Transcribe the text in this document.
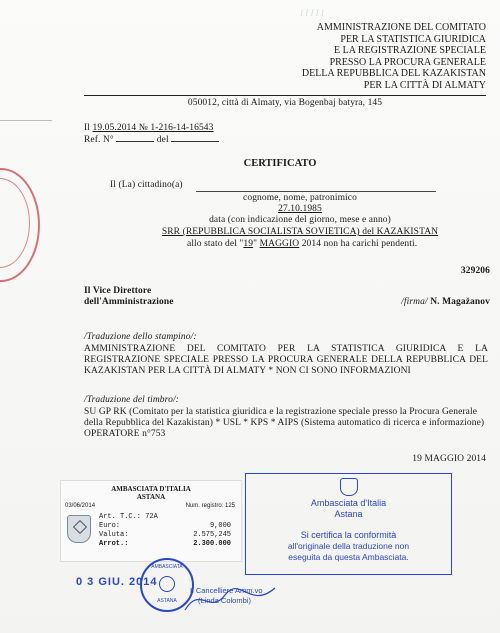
Ӏ Ӏ Ӏ Ӏ Ӏ
AMMINISTRAZIONE DEL COMITATO
PER LA STATISTICA GIURIDICA
E LA REGISTRAZIONE SPECIALE
PRESSO LA PROCURA GENERALE
DELLA REPUBBLICA DEL KAZAKISTAN
PER LA CITTÀ DI ALMATY
050012, città di Almaty, via Bogenbaj batyra, 145
Il 19.05.2014 № 1-216-14-16543
Ref. N°	del
CERTIFICATO
Il (La) cittadino(a)
cognome, nome, patronimico
27.10.1985
data (con indicazione del giorno, mese e anno)
SRR (REPUBBLICA SOCIALISTA SOVIETICA) del KAZAKISTAN
allo stato del "19" MAGGIO 2014 non ha carichi pendenti.
329206
Il Vice Direttore
dell'Amministrazione	/firma/ N. Magažanov
/Traduzione dello stampino/:
AMMINISTRAZIONE DEL COMITATO PER LA STATISTICA GIURIDICA E LA REGISTRAZIONE SPECIALE PRESSO LA PROCURA GENERALE DELLA REPUBBLICA DEL KAZAKISTAN PER LA CITTÀ DI ALMATY * NON CI SONO INFORMAZIONI
/Traduzione del timbro/:
SU GP RK (Comitato per la statistica giuridica e la registrazione speciale presso la Procura Generale della Repubblica del Kazakistan) * USL * KPS * AIPS (Sistema automatico di ricerca e informazione) OPERATORE n°753
19 MAGGIO 2014
AMBASCIATA D'ITALIA
ASTANA
03/06/2014	Num. registro: 125
Art. T.C.: 72A
Euro:	9,000
Valuta:	2.575,245
Arrot.:	2.300.000
Ambasciata d'Italia
Astana
Si certifica la conformità
all'originale della traduzione non
eseguita da questa Ambasciata.
0 3 GIU. 2014
AMBASCIATA
ASTANA
Il Cancelliere Amm.vo
(Linda Colombi)
